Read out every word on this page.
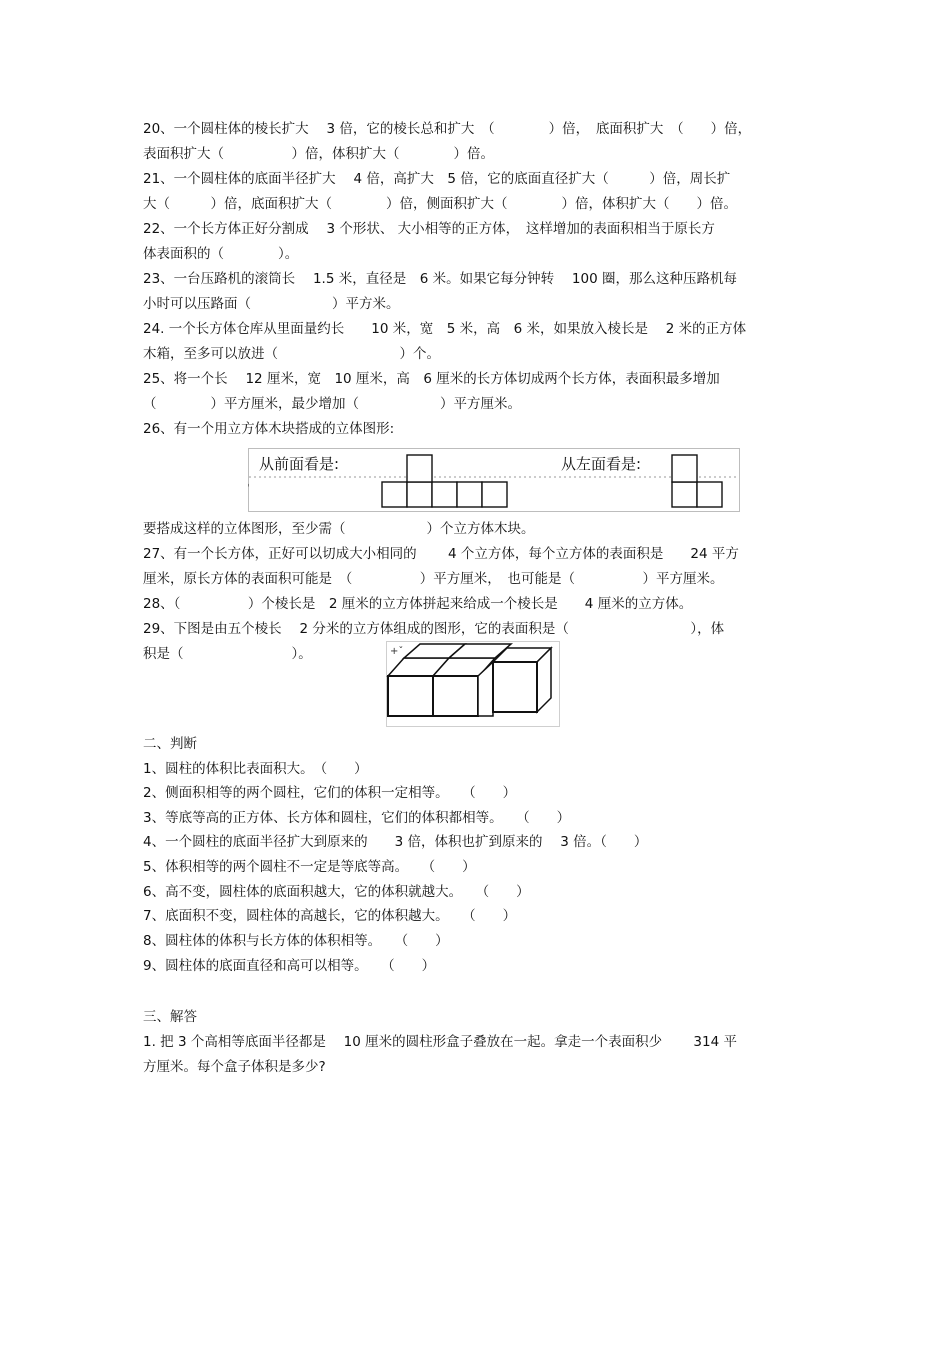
20、一个圆柱体的棱长扩大　 3 倍，它的棱长总和扩大　（　　　　）倍，　底面积扩大　（　　）倍，
表面积扩大（　　　　　）倍，体积扩大（　　　　）倍。
21、一个圆柱体的底面半径扩大　 4 倍，高扩大　5 倍，它的底面直径扩大（　　　）倍，周长扩
大（　　　）倍，底面积扩大（　　　　）倍，侧面积扩大（　　　　）倍，体积扩大（　　）倍。
22、一个长方体正好分割成　 3 个形状、 大小相等的正方体，　这样增加的表面积相当于原长方
体表面积的（　　　　）。
23、一台压路机的滚筒长　 1.5 米，直径是　6 米。如果它每分钟转　 100 圈，那么这种压路机每
小时可以压路面（　　　　　　）平方米。
24. 一个长方体仓库从里面量约长　　10 米，宽　5 米，高　6 米，如果放入棱长是　 2 米的正方体
木箱，至多可以放进（　　　　　　　　　）个。
25、将一个长　 12 厘米，宽　10 厘米，高　6 厘米的长方体切成两个长方体，表面积最多增加
（　　　　）平方厘米，最少增加（　　　　　　）平方厘米。
26、有一个用立方体木块搭成的立体图形:
从前面看是:	从左面看是:
ˌ
要搭成这样的立体图形，至少需（　　　　　　）个立方体木块。
27、有一个长方体，正好可以切成大小相同的　　 4 个立方体，每个立方体的表面积是　　24 平方
厘米，原长方体的表面积可能是　（　　　　　）平方厘米，　也可能是（　　　　　）平方厘米。
28、（　　　　　）个棱长是　2 厘米的立方体拼起来给成一个棱长是　　4 厘米的立方体。
29、下图是由五个棱长　 2 分米的立方体组成的图形，它的表面积是（　　　　　　　　　），体
积是（　　　　　　　　）。	+ˇ
二、判断
1、圆柱的体积比表面积大。　（　　）
2、侧面积相等的两个圆柱，它们的体积一定相等。　　（　　）
3、等底等高的正方体、长方体和圆柱，它们的体积都相等。　　（　　）
4、一个圆柱的底面半径扩大到原来的　　3 倍，体积也扩到原来的　 3 倍。（　　）
5、体积相等的两个圆柱不一定是等底等高。　　（　　）
6、高不变，圆柱体的底面积越大，它的体积就越大。　　（　　）
7、底面积不变，圆柱体的高越长，它的体积越大。　　（　　）
8、圆柱体的体积与长方体的体积相等。　　（　　）
9、圆柱体的底面直径和高可以相等。　　（　　）
三、解答
1. 把 3 个高相等底面半径都是　 10 厘米的圆柱形盒子叠放在一起。拿走一个表面积少　　 314 平
方厘米。每个盒子体积是多少?
